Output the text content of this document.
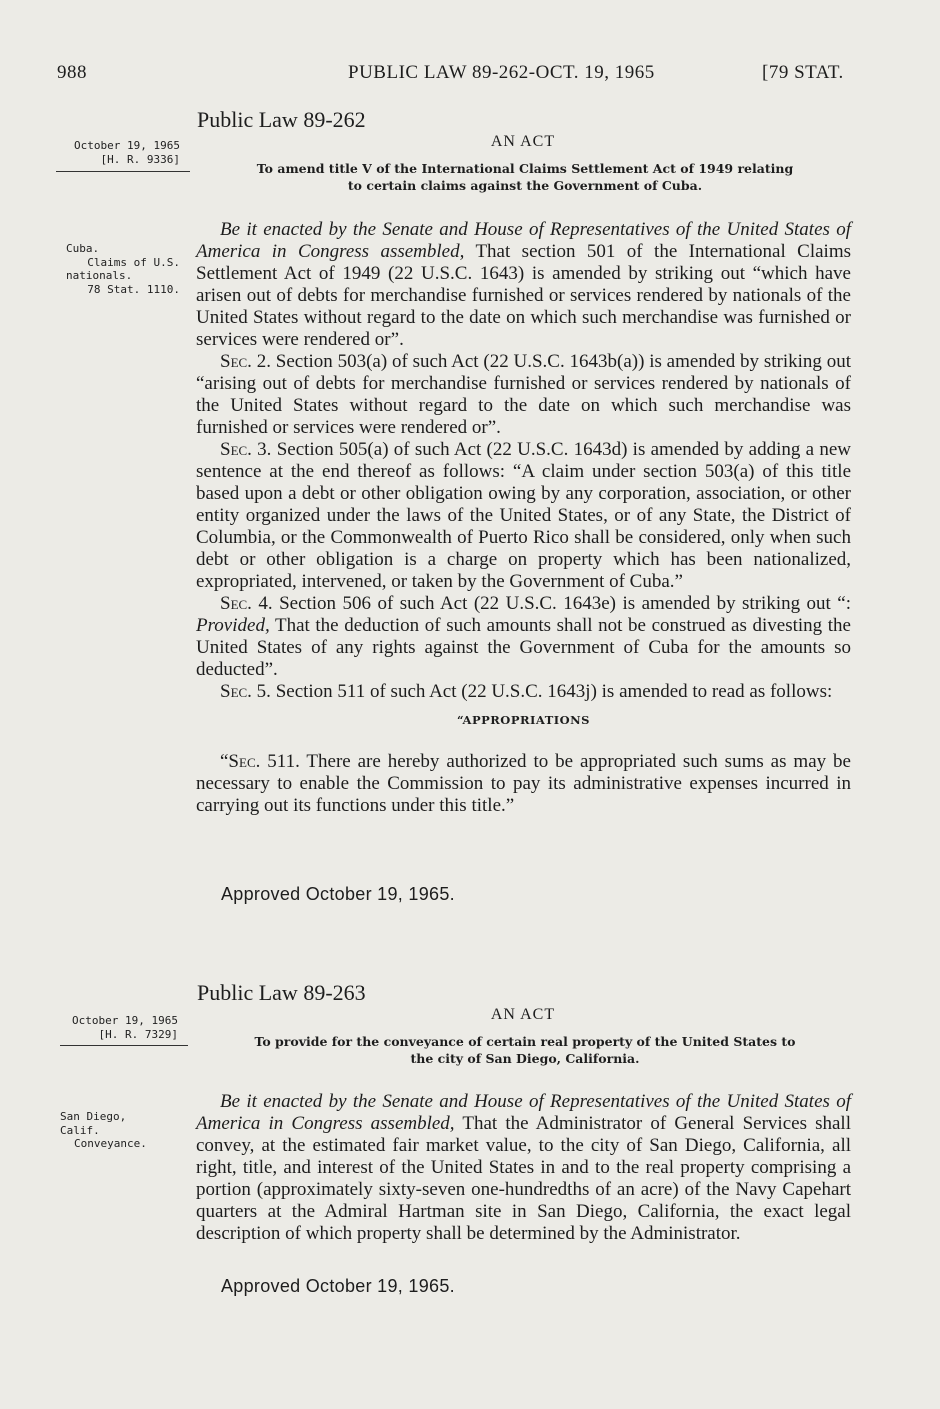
988	PUBLIC LAW 89-262-OCT. 19, 1965	[79 STAT.
Public Law 89-262
AN ACT
October 19, 1965
[H. R. 9336]
To amend title V of the International Claims Settlement Act of 1949 relating
to certain claims against the Government of Cuba.
Cuba.
Claims of U.S.
nationals.
78 Stat. 1110.

Be it enacted by the Senate and House of Representatives of the United States of America in Congress assembled, That section 501 of the International Claims Settlement Act of 1949 (22 U.S.C. 1643) is amended by striking out “which have arisen out of debts for merchandise furnished or services rendered by nationals of the United States without regard to the date on which such merchandise was furnished or services were rendered or”.

Sec. 2. Section 503(a) of such Act (22 U.S.C. 1643b(a)) is amended by striking out “arising out of debts for merchandise furnished or services rendered by nationals of the United States without regard to the date on which such merchandise was furnished or services were rendered or”.

Sec. 3. Section 505(a) of such Act (22 U.S.C. 1643d) is amended by adding a new sentence at the end thereof as follows: “A claim under section 503(a) of this title based upon a debt or other obligation owing by any corporation, association, or other entity organized under the laws of the United States, or of any State, the District of Columbia, or the Commonwealth of Puerto Rico shall be considered, only when such debt or other obligation is a charge on property which has been nationalized, expropriated, intervened, or taken by the Government of Cuba.”

Sec. 4. Section 506 of such Act (22 U.S.C. 1643e) is amended by striking out “: Provided, That the deduction of such amounts shall not be construed as divesting the United States of any rights against the Government of Cuba for the amounts so deducted”.

Sec. 5. Section 511 of such Act (22 U.S.C. 1643j) is amended to read as follows:

“APPROPRIATIONS

“Sec. 511. There are hereby authorized to be appropriated such sums as may be necessary to enable the Commission to pay its administrative expenses incurred in carrying out its functions under this title.”

Approved October 19, 1965.
Public Law 89-263
AN ACT
October 19, 1965
[H. R. 7329]	To provide for the conveyance of certain real property of the United States to
the city of San Diego, California.
San Diego,
Calif.
Conveyance.

Be it enacted by the Senate and House of Representatives of the United States of America in Congress assembled, That the Administrator of General Services shall convey, at the estimated fair market value, to the city of San Diego, California, all right, title, and interest of the United States in and to the real property comprising a portion (approximately sixty-seven one-hundredths of an acre) of the Navy Capehart quarters at the Admiral Hartman site in San Diego, California, the exact legal description of which property shall be determined by the Administrator.

Approved October 19, 1965.
